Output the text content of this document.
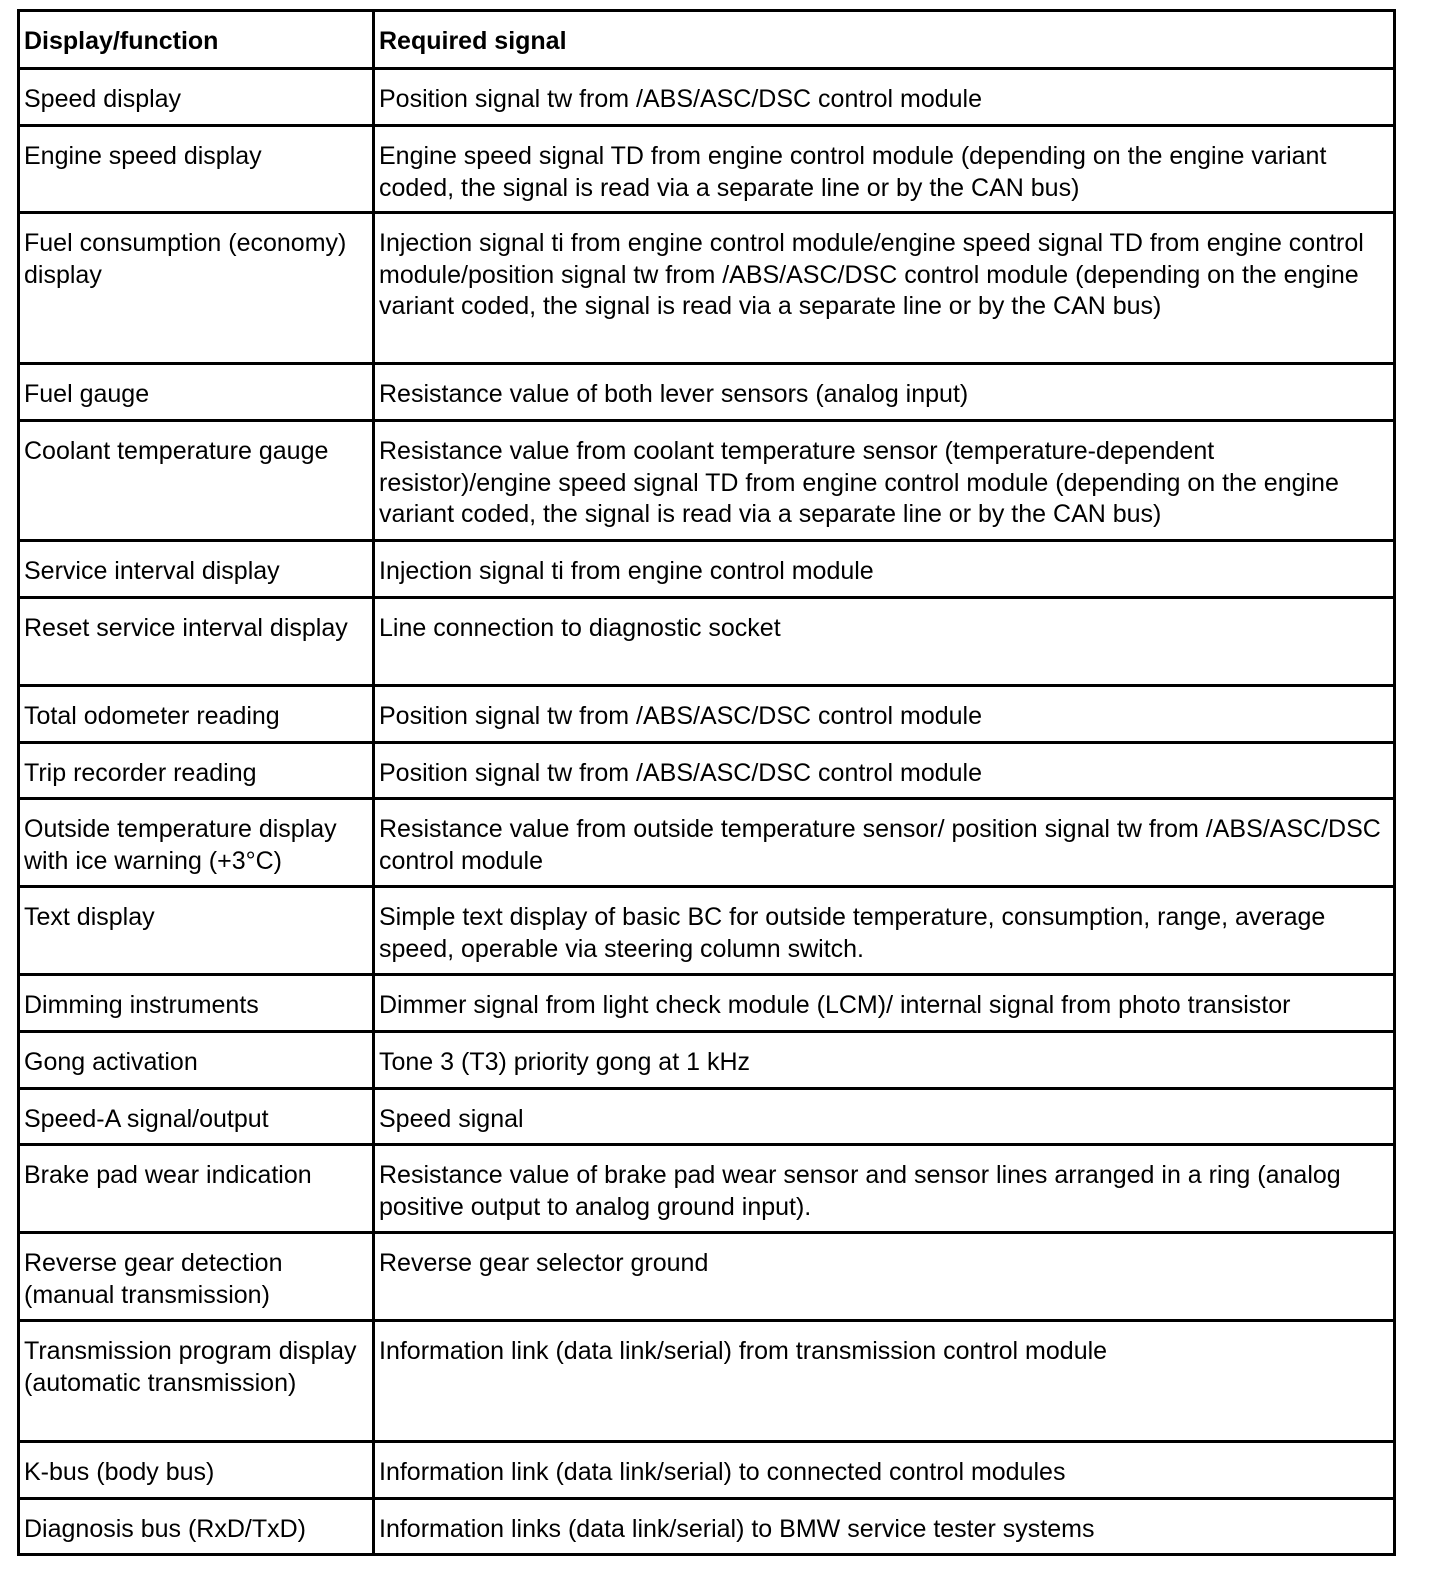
Display/function	Required signal
Speed display	Position signal tw from /ABS/ASC/DSC control module
Engine speed display	Engine speed signal TD from engine control module (depending on the engine variant coded, the signal is read via a separate line or by the CAN bus)
Fuel consumption (economy) display	Injection signal ti from engine control module/engine speed signal TD from engine control module/position signal tw from /ABS/ASC/DSC control module (depending on the engine variant coded, the signal is read via a separate line or by the CAN bus)
Fuel gauge	Resistance value of both lever sensors (analog input)
Coolant temperature gauge	Resistance value from coolant temperature sensor (temperature-dependent resistor)/engine speed signal TD from engine control module (depending on the engine variant coded, the signal is read via a separate line or by the CAN bus)
Service interval display	Injection signal ti from engine control module
Reset service interval display	Line connection to diagnostic socket
Total odometer reading	Position signal tw from /ABS/ASC/DSC control module
Trip recorder reading	Position signal tw from /ABS/ASC/DSC control module
Outside temperature display with ice warning (+3°C)	Resistance value from outside temperature sensor/ position signal tw from /ABS/ASC/DSC control module
Text display	Simple text display of basic BC for outside temperature, consumption, range, average speed, operable via steering column switch.
Dimming instruments	Dimmer signal from light check module (LCM)/ internal signal from photo transistor
Gong activation	Tone 3 (T3) priority gong at 1 kHz
Speed-A signal/output	Speed signal
Brake pad wear indication	Resistance value of brake pad wear sensor and sensor lines arranged in a ring (analog positive output to analog ground input).
Reverse gear detection (manual transmission)	Reverse gear selector ground
Transmission program display (automatic transmission)	Information link (data link/serial) from transmission control module
K-bus (body bus)	Information link (data link/serial) to connected control modules
Diagnosis bus (RxD/TxD)	Information links (data link/serial) to BMW service tester systems
